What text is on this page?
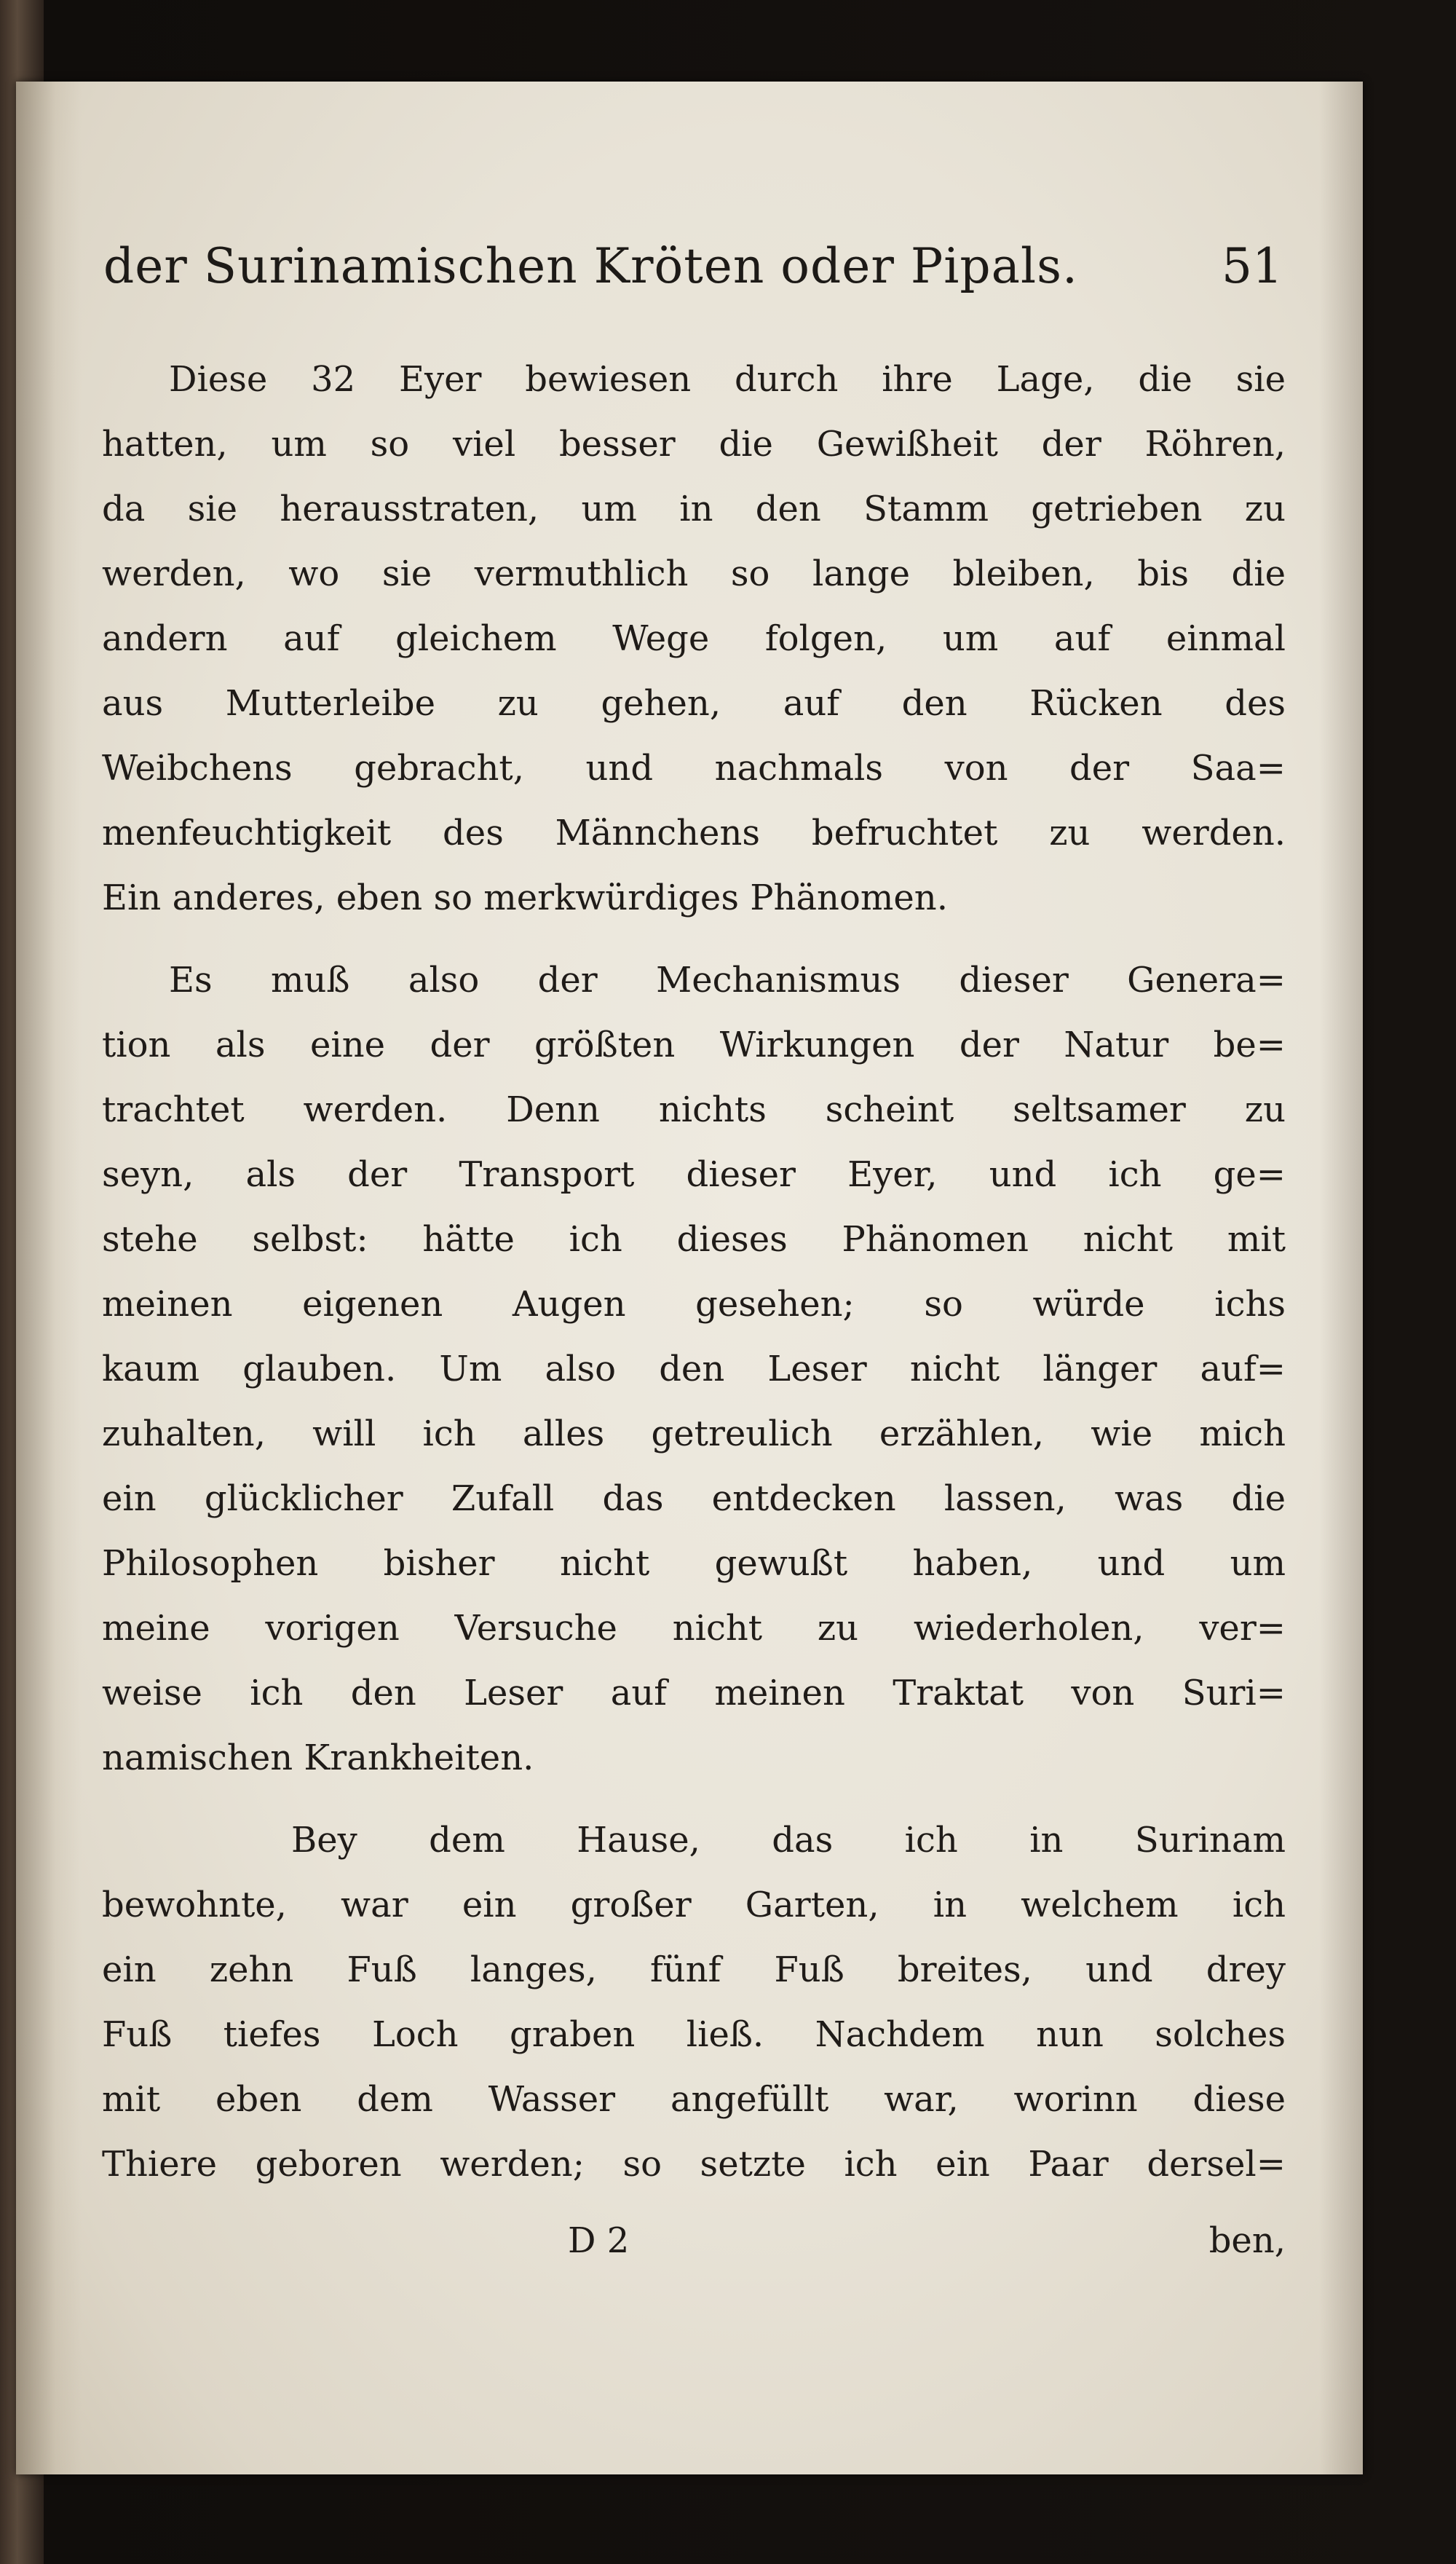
der Surinamischen Kröten oder Pipals.	51
Diese 32 Eyer bewiesen durch ihre Lage, die sie
hatten, um so viel besser die Gewißheit der Röhren,
da sie herausstraten, um in den Stamm getrieben zu
werden, wo sie vermuthlich so lange bleiben, bis die
andern auf gleichem Wege folgen, um auf einmal
aus Mutterleibe zu gehen, auf den Rücken des
Weibchens gebracht, und nachmals von der Saa=
menfeuchtigkeit des Männchens befruchtet zu werden.
Ein anderes, eben so merkwürdiges Phänomen.
Es muß also der Mechanismus dieser Genera=
tion als eine der größten Wirkungen der Natur be=
trachtet werden. Denn nichts scheint seltsamer zu
seyn, als der Transport dieser Eyer, und ich ge=
stehe selbst: hätte ich dieses Phänomen nicht mit
meinen eigenen Augen gesehen; so würde ichs
kaum glauben. Um also den Leser nicht länger auf=
zuhalten, will ich alles getreulich erzählen, wie mich
ein glücklicher Zufall das entdecken lassen, was die
Philosophen bisher nicht gewußt haben, und um
meine vorigen Versuche nicht zu wiederholen, ver=
weise ich den Leser auf meinen Traktat von Suri=
namischen Krankheiten.
Bey dem Hause, das ich in Surinam
bewohnte, war ein großer Garten, in welchem ich
ein zehn Fuß langes, fünf Fuß breites, und drey
Fuß tiefes Loch graben ließ. Nachdem nun solches
mit eben dem Wasser angefüllt war, worinn diese
Thiere geboren werden; so setzte ich ein Paar dersel=
D 2	ben,
